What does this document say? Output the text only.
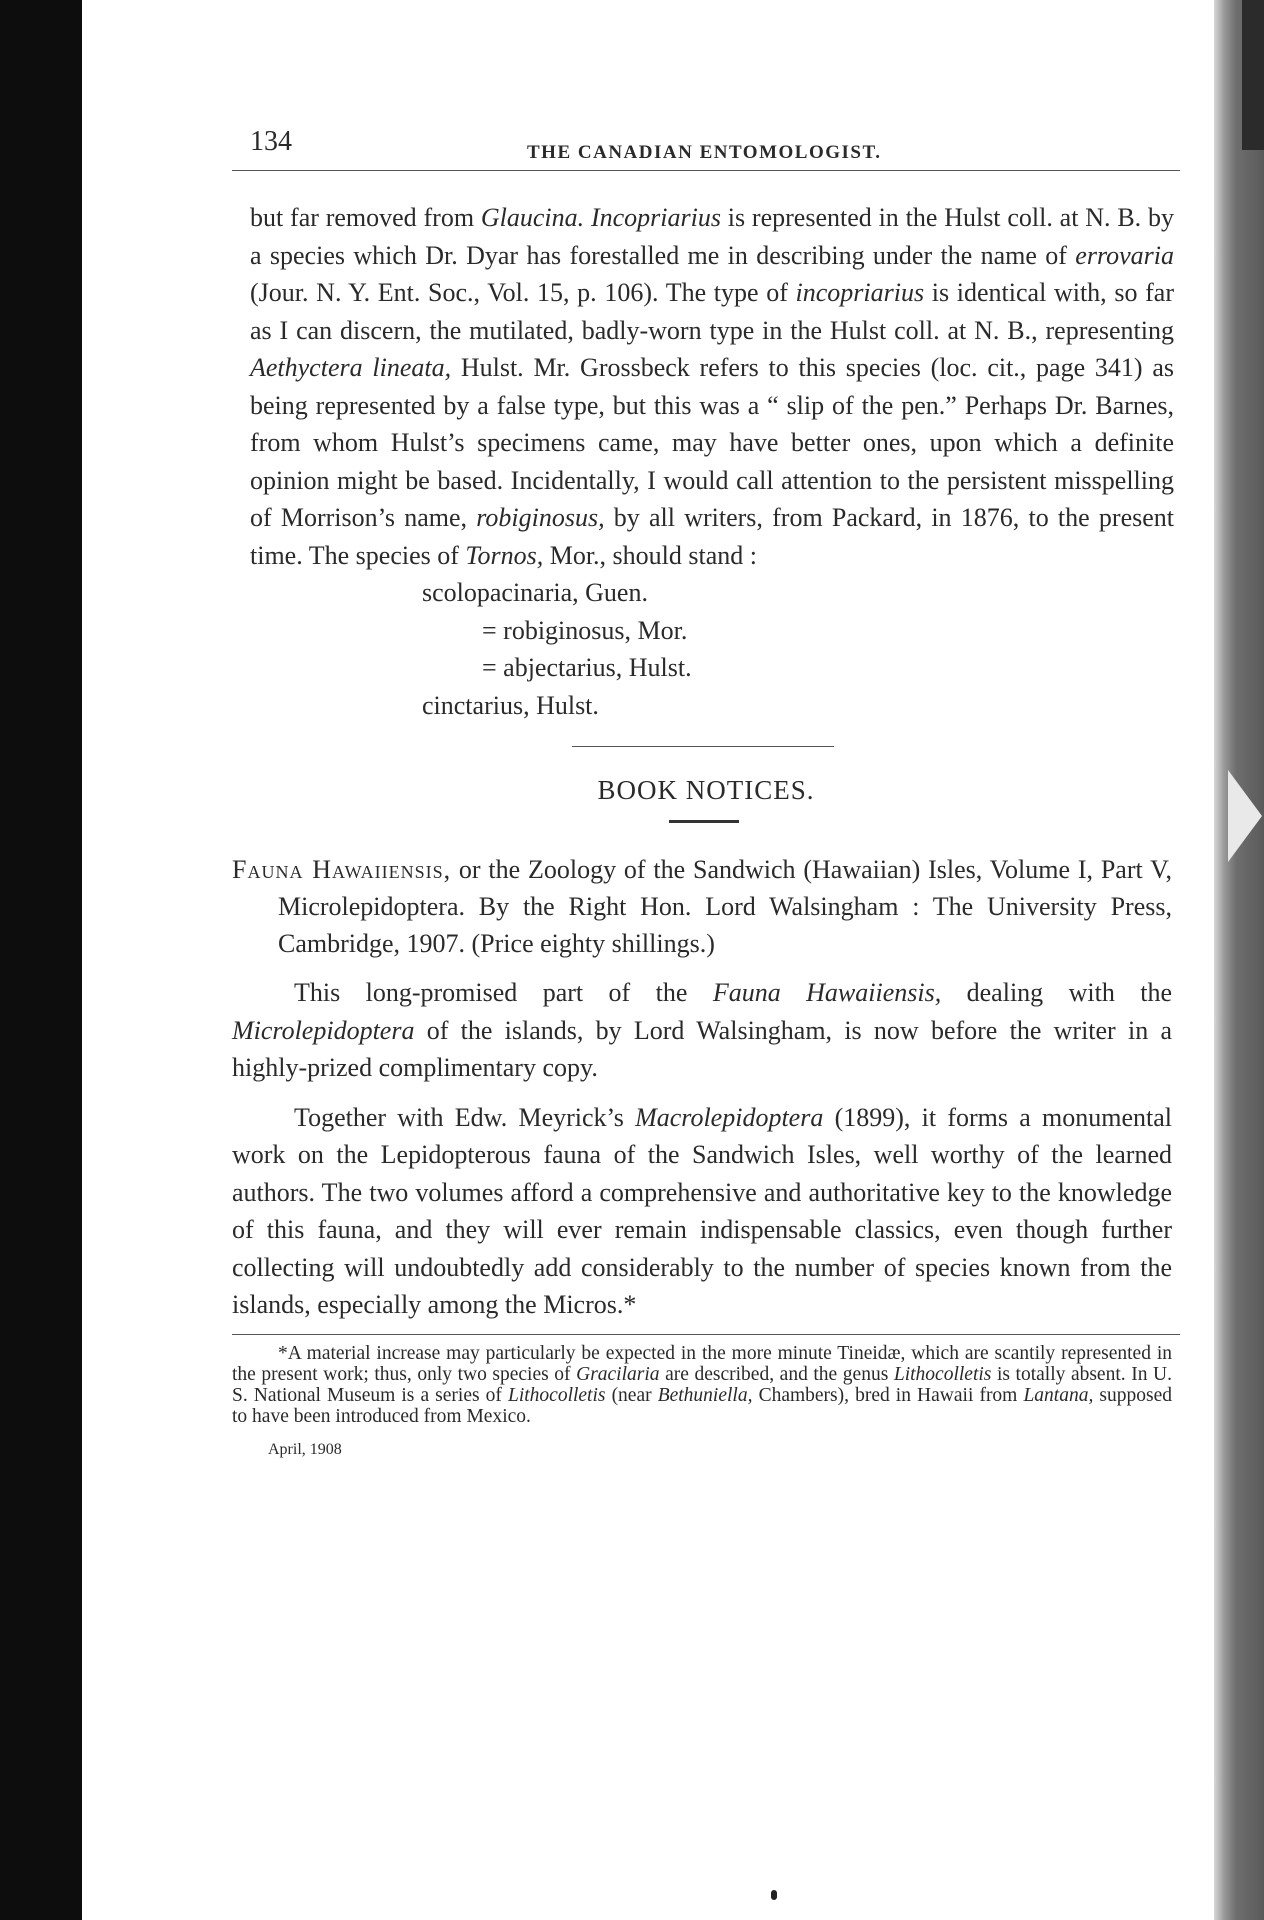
134	THE CANADIAN ENTOMOLOGIST.

but far removed from Glaucina. Incopriarius is represented in the Hulst coll. at N. B. by a species which Dr. Dyar has forestalled me in describing under the name of errovaria (Jour. N. Y. Ent. Soc., Vol. 15, p. 106). The type of incopriarius is identical with, so far as I can discern, the mutilated, badly-worn type in the Hulst coll. at N. B., representing Aethyctera lineata, Hulst. Mr. Grossbeck refers to this species (loc. cit., page 341) as being represented by a false type, but this was a “ slip of the pen.” Perhaps Dr. Barnes, from whom Hulst’s specimens came, may have better ones, upon which a definite opinion might be based. Incidentally, I would call attention to the persistent misspelling of Morrison’s name, robiginosus, by all writers, from Packard, in 1876, to the present time. The species of Tornos, Mor., should stand :

scolopacinaria, Guen.
= robiginosus, Mor.
= abjectarius, Hulst.
cinctarius, Hulst.
BOOK NOTICES.

Fauna Hawaiiensis, or the Zoology of the Sandwich (Hawaiian) Isles, Volume I, Part V, Microlepidoptera. By the Right Hon. Lord Walsingham : The University Press, Cambridge, 1907. (Price eighty shillings.)

This long-promised part of the Fauna Hawaiiensis, dealing with the Microlepidoptera of the islands, by Lord Walsingham, is now before the writer in a highly-prized complimentary copy.

Together with Edw. Meyrick’s Macrolepidoptera (1899), it forms a monumental work on the Lepidopterous fauna of the Sandwich Isles, well worthy of the learned authors. The two volumes afford a comprehensive and authoritative key to the knowledge of this fauna, and they will ever remain indispensable classics, even though further collecting will undoubtedly add considerably to the number of species known from the islands, especially among the Micros.*

*A material increase may particularly be expected in the more minute Tineidæ, which are scantily represented in the present work; thus, only two species of Gracilaria are described, and the genus Lithocolletis is totally absent. In U. S. National Museum is a series of Lithocolletis (near Bethuniella, Chambers), bred in Hawaii from Lantana, supposed to have been introduced from Mexico.

April, 1908
